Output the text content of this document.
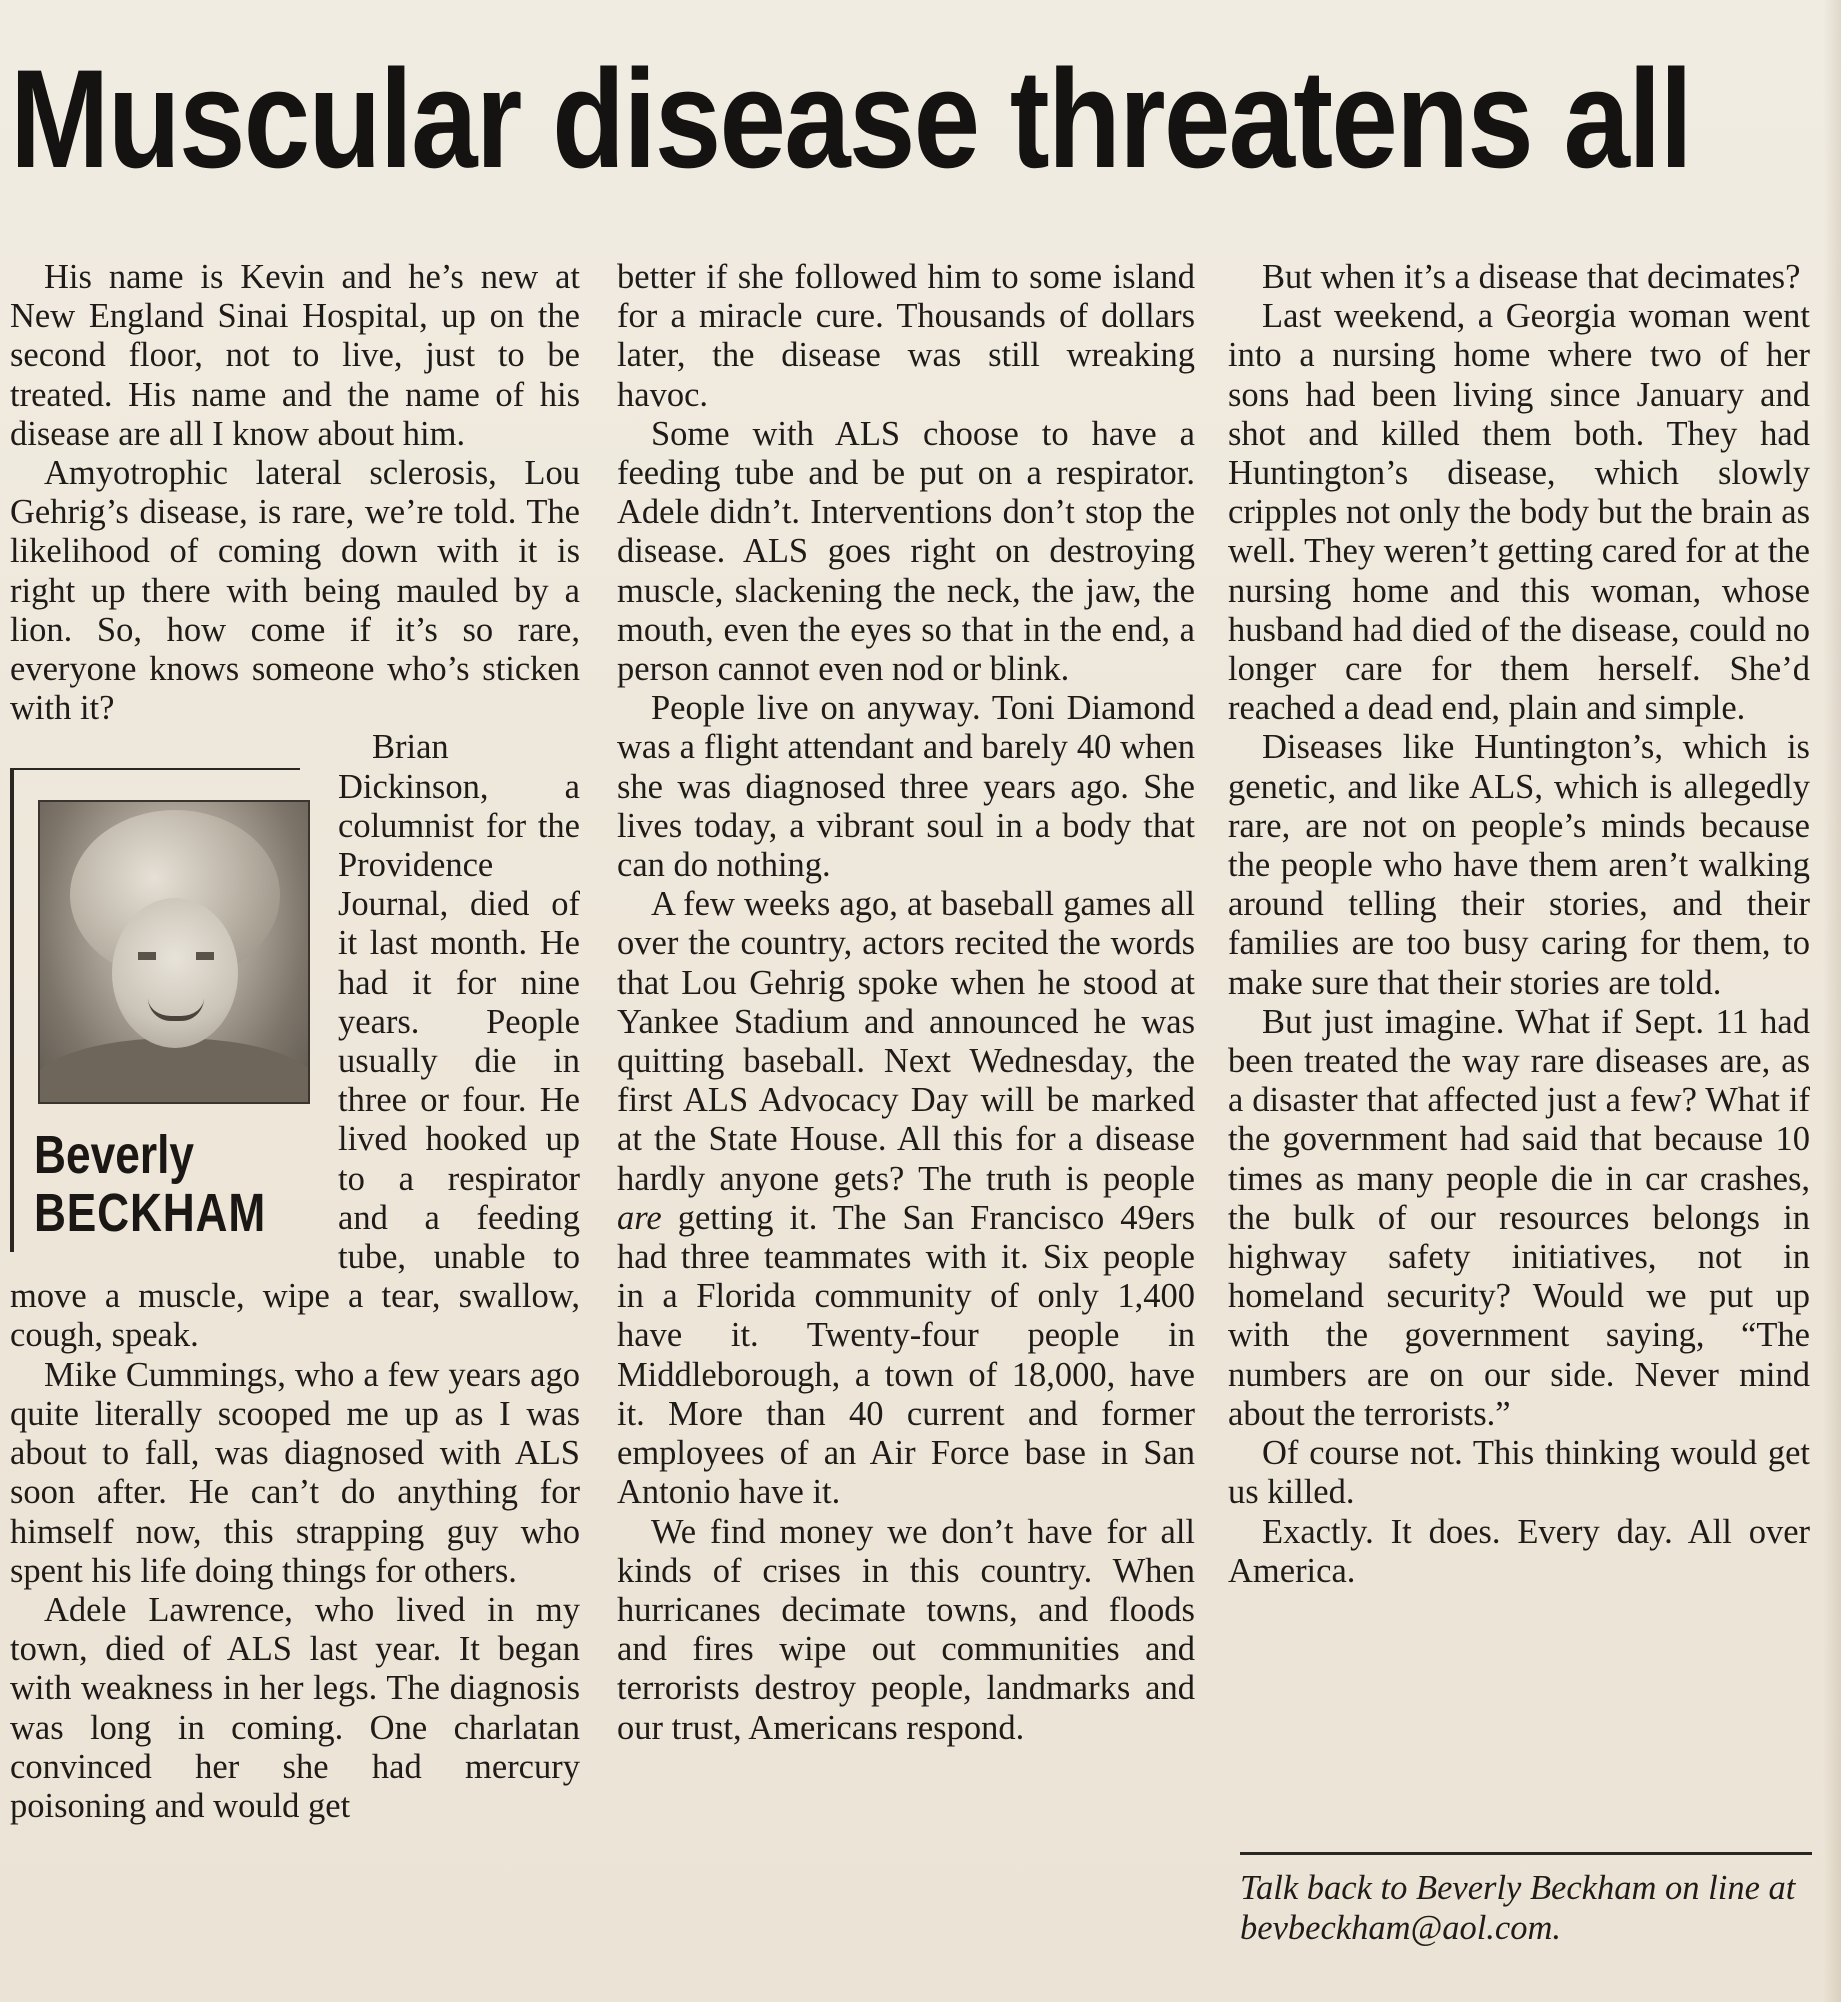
Muscular disease threatens all

His name is Kevin and he’s new at New England Sinai Hospital, up on the second floor, not to live, just to be treated. His name and the name of his disease are all I know about him.

Amyotrophic lateral sclerosis, Lou Gehrig’s disease, is rare, we’re told. The likelihood of coming down with it is right up there with being mauled by a lion. So, how come if it’s so rare, everyone knows someone who’s sticken with it?

Beverly
BECKHAM

Brian Dickinson, a columnist for the Providence Journal, died of it last month. He had it for nine years. People usually die in three or four. He lived hooked up to a respirator and a feeding tube, unable to move a muscle, wipe a tear, swallow, cough, speak.

Mike Cummings, who a few years ago quite literally scooped me up as I was about to fall, was diagnosed with ALS soon after. He can’t do anything for himself now, this strapping guy who spent his life doing things for others.

Adele Lawrence, who lived in my town, died of ALS last year. It began with weakness in her legs. The diagnosis was long in coming. One charlatan convinced her she had mercury poisoning and would get

better if she followed him to some island for a miracle cure. Thousands of dollars later, the disease was still wreaking havoc.

Some with ALS choose to have a feeding tube and be put on a respirator. Adele didn’t. Interventions don’t stop the disease. ALS goes right on destroying muscle, slackening the neck, the jaw, the mouth, even the eyes so that in the end, a person cannot even nod or blink.

People live on anyway. Toni Diamond was a flight attendant and barely 40 when she was diagnosed three years ago. She lives today, a vibrant soul in a body that can do nothing.

A few weeks ago, at baseball games all over the country, actors recited the words that Lou Gehrig spoke when he stood at Yankee Stadium and announced he was quitting baseball. Next Wednesday, the first ALS Advocacy Day will be marked at the State House. All this for a disease hardly anyone gets? The truth is people are getting it. The San Francisco 49ers had three teammates with it. Six people in a Florida community of only 1,400 have it. Twenty-four people in Middleborough, a town of 18,000, have it. More than 40 current and former employees of an Air Force base in San Antonio have it.

We find money we don’t have for all kinds of crises in this country. When hurricanes decimate towns, and floods and fires wipe out communities and terrorists destroy people, landmarks and our trust, Americans respond.

But when it’s a disease that decimates?

Last weekend, a Georgia woman went into a nursing home where two of her sons had been living since January and shot and killed them both. They had Huntington’s disease, which slowly cripples not only the body but the brain as well. They weren’t getting cared for at the nursing home and this woman, whose husband had died of the disease, could no longer care for them herself. She’d reached a dead end, plain and simple.

Diseases like Huntington’s, which is genetic, and like ALS, which is allegedly rare, are not on people’s minds because the people who have them aren’t walking around telling their stories, and their families are too busy caring for them, to make sure that their stories are told.

But just imagine. What if Sept. 11 had been treated the way rare diseases are, as a disaster that affected just a few? What if the government had said that because 10 times as many people die in car crashes, the bulk of our resources belongs in highway safety initiatives, not in homeland security? Would we put up with the government saying, “The numbers are on our side. Never mind about the terrorists.”

Of course not. This thinking would get us killed.

Exactly. It does. Every day. All over America.

Talk back to Beverly Beckham on line at bevbeckham@aol.com.
